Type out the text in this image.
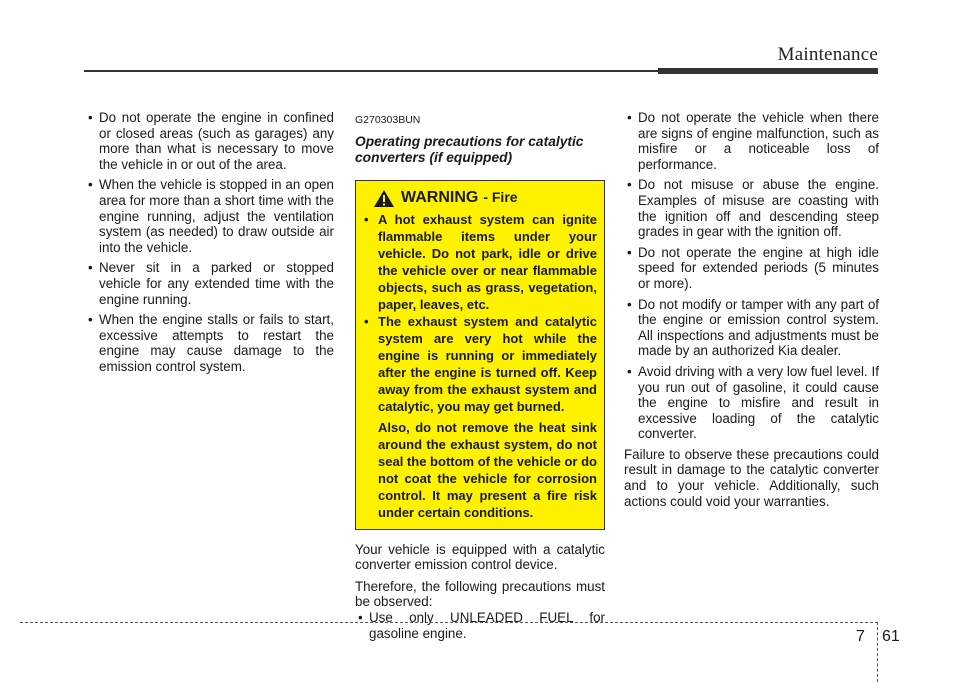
Maintenance
• Do not operate the engine in confined or closed areas (such as garages) any more than what is necessary to move the vehicle in or out of the area.
• When the vehicle is stopped in an open area for more than a short time with the engine running, adjust the ventilation system (as needed) to draw outside air into the vehicle.
• Never sit in a parked or stopped vehicle for any extended time with the engine running.
• When the engine stalls or fails to start, excessive attempts to restart the engine may cause damage to the emission control system.
G270303BUN
Operating precautions for catalytic converters (if equipped)
WARNING - Fire
• A hot exhaust system can ignite flammable items under your vehicle. Do not park, idle or drive the vehicle over or near flammable objects, such as grass, vegetation, paper, leaves, etc.
• The exhaust system and catalytic system are very hot while the engine is running or immediately after the engine is turned off. Keep away from the exhaust system and catalytic, you may get burned.
Also, do not remove the heat sink around the exhaust system, do not seal the bottom of the vehicle or do not coat the vehicle for corrosion control. It may present a fire risk under certain conditions.

Your vehicle is equipped with a catalytic converter emission control device.

Therefore, the following precautions must be observed:

• Use only UNLEADED FUEL for gasoline engine.
• Do not operate the vehicle when there are signs of engine malfunction, such as misfire or a noticeable loss of performance.
• Do not misuse or abuse the engine. Examples of misuse are coasting with the ignition off and descending steep grades in gear with the ignition off.
• Do not operate the engine at high idle speed for extended periods (5 minutes or more).
• Do not modify or tamper with any part of the engine or emission control system. All inspections and adjustments must be made by an authorized Kia dealer.
• Avoid driving with a very low fuel level. If you run out of gasoline, it could cause the engine to misfire and result in excessive loading of the catalytic converter.

Failure to observe these precautions could result in damage to the catalytic converter and to your vehicle. Additionally, such actions could void your warranties.

7 61
